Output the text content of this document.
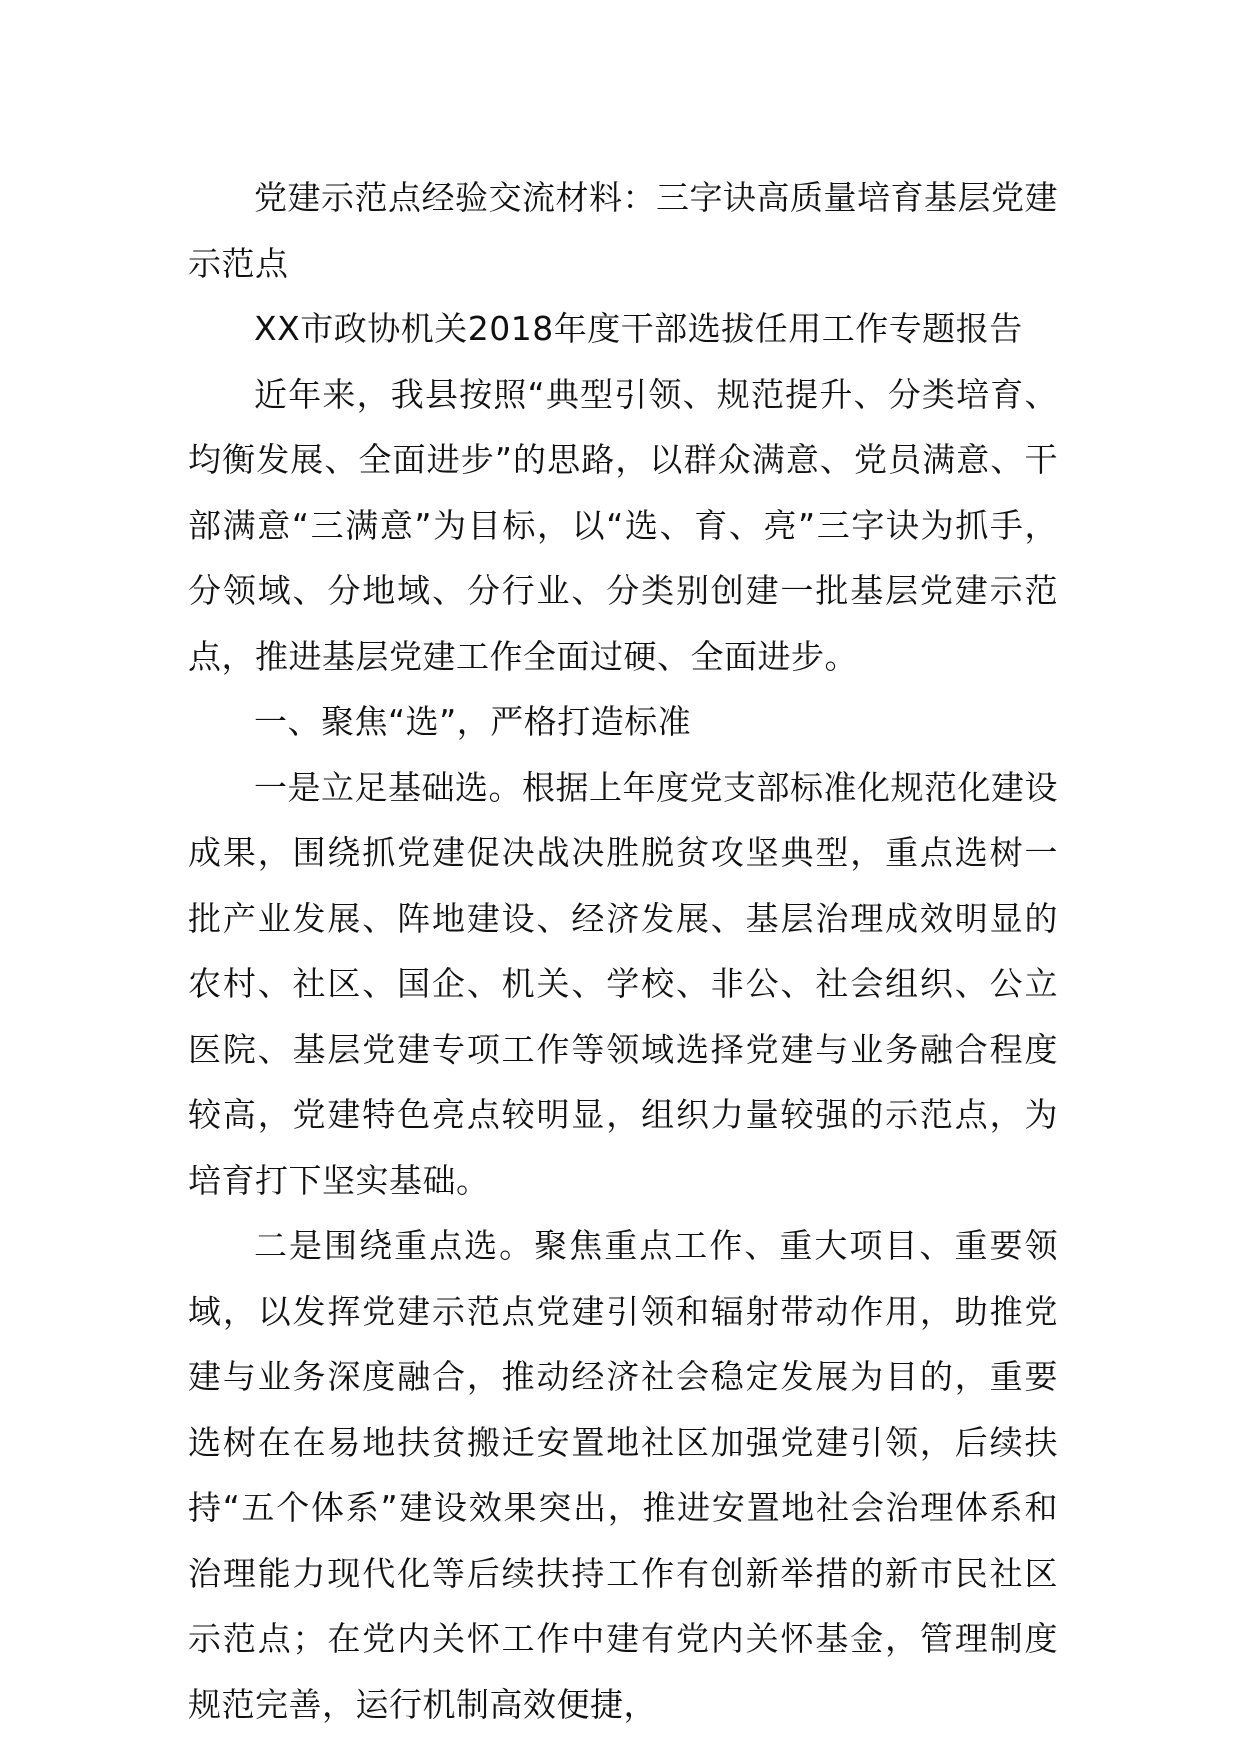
党建示范点经验交流材料：三字诀高质量培育基层党建示范点

XX市政协机关2018年度干部选拔任用工作专题报告

近年来，我县按照“典型引领、规范提升、分类培育、均衡发展、全面进步”的思路，以群众满意、党员满意、干部满意“三满意”为目标，以“选、育、亮”三字诀为抓手，分领域、分地域、分行业、分类别创建一批基层党建示范点，推进基层党建工作全面过硬、全面进步。

一、聚焦“选”，严格打造标准

一是立足基础选。根据上年度党支部标准化规范化建设成果，围绕抓党建促决战决胜脱贫攻坚典型，重点选树一批产业发展、阵地建设、经济发展、基层治理成效明显的农村、社区、国企、机关、学校、非公、社会组织、公立医院、基层党建专项工作等领域选择党建与业务融合程度较高，党建特色亮点较明显，组织力量较强的示范点，为培育打下坚实基础。

二是围绕重点选。聚焦重点工作、重大项目、重要领域，以发挥党建示范点党建引领和辐射带动作用，助推党建与业务深度融合，推动经济社会稳定发展为目的，重要选树在在易地扶贫搬迁安置地社区加强党建引领，后续扶持“五个体系”建设效果突出，推进安置地社会治理体系和治理能力现代化等后续扶持工作有创新举措的新市民社区示范点；在党内关怀工作中建有党内关怀基金，管理制度规范完善，运行机制高效便捷，
